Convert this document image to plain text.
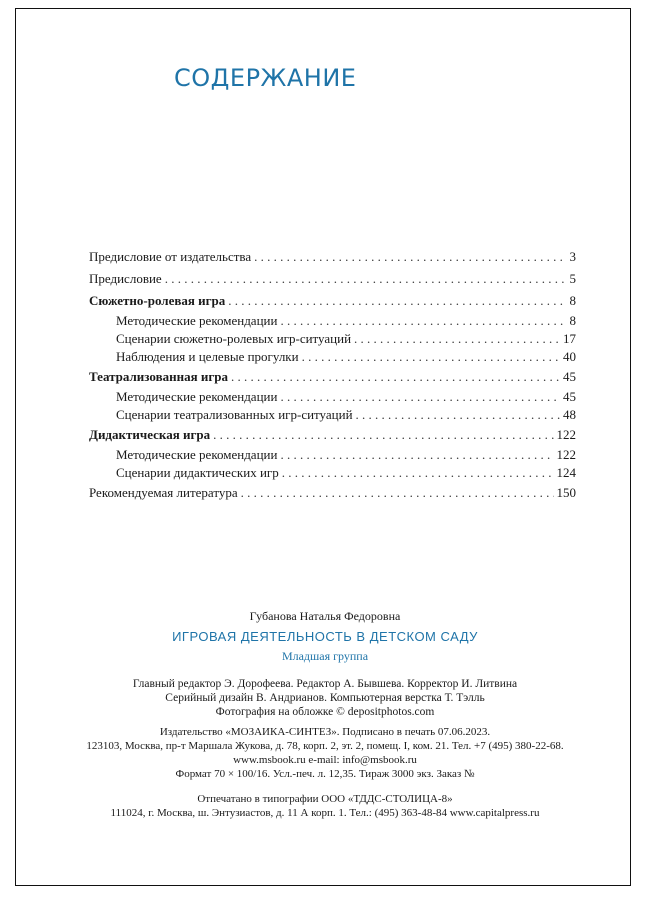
СОДЕРЖАНИЕ
Предисловие от издательства . . .	3
Предисловие . . .	5
Сюжетно-ролевая игра . . .	8
Методические рекомендации . . .	8
Сценарии сюжетно-ролевых игр-ситуаций . . .	17
Наблюдения и целевые прогулки . . .	40
Театрализованная игра . . .	45
Методические рекомендации . . .	45
Сценарии театрализованных игр-ситуаций . . .	48
Дидактическая игра . . .	122
Методические рекомендации . . .	122
Сценарии дидактических игр . . .	124
Рекомендуемая литература . . .	150
Губанова Наталья Федоровна
ИГРОВАЯ ДЕЯТЕЛЬНОСТЬ В ДЕТСКОМ САДУ
Младшая группа
Главный редактор Э. Дорофеева. Редактор А. Бывшева. Корректор И. Литвина
Серийный дизайн В. Андрианов. Компьютерная верстка Т. Тэлль
Фотография на обложке © depositphotos.com
Издательство «МОЗАИКА-СИНТЕЗ». Подписано в печать 07.06.2023.
123103, Москва, пр-т Маршала Жукова, д. 78, корп. 2, эт. 2, помещ. I, ком. 21. Тел. +7 (495) 380-22-68.
www.msbook.ru e-mail: info@msbook.ru
Формат 70 × 100/16. Усл.-печ. л. 12,35. Тираж 3000 экз. Заказ №
Отпечатано в типографии ООО «ТДДС-СТОЛИЦА-8»
111024, г. Москва, ш. Энтузиастов, д. 11 А корп. 1. Тел.: (495) 363-48-84 www.capitalpress.ru
